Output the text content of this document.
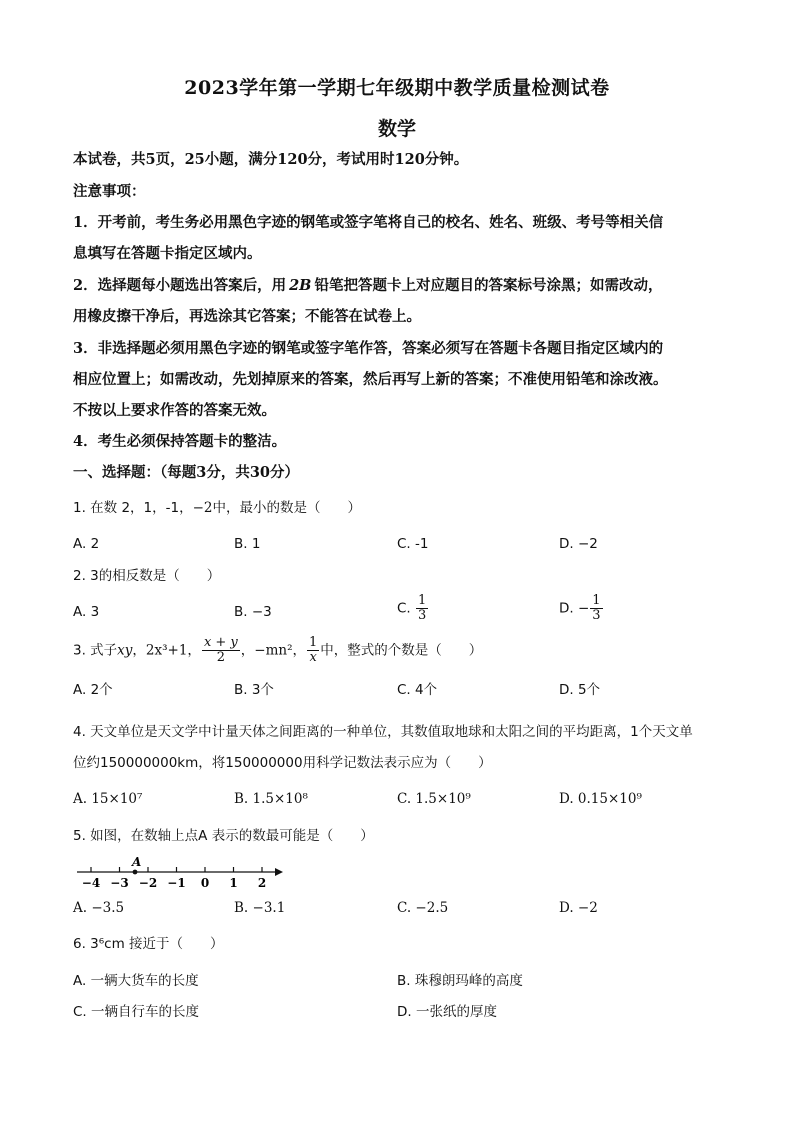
2023学年第一学期七年级期中教学质量检测试卷
数学
本试卷，共5页，25小题，满分120分，考试用时120分钟。
注意事项：
1．开考前，考生务必用黑色字迹的钢笔或签字笔将自己的校名、姓名、班级、考号等相关信
息填写在答题卡指定区域内。
2．选择题每小题选出答案后，用 2B 铅笔把答题卡上对应题目的答案标号涂黑；如需改动，
用橡皮擦干净后，再选涂其它答案；不能答在试卷上。
3．非选择题必须用黑色字迹的钢笔或签字笔作答，答案必须写在答题卡各题目指定区域内的
相应位置上；如需改动，先划掉原来的答案，然后再写上新的答案；不准使用铅笔和涂改液。
不按以上要求作答的答案无效。
4．考生必须保持答题卡的整洁。
一、选择题：（每题3分，共30分）
1. 在数 2，1，-1，−2中，最小的数是（　　）
A. 2	B. 1	C. -1	D. −2
2. 3的相反数是（　　）
A. 3	B. −3	C. $\frac{1}{3}$	D. − $\frac{1}{3}$
3. 式子xy，2x³+1， $\frac{x + y}{2}$ ，−mn²， $\frac{1}{x}$ 中，整式的个数是（　　）
A. 2个	B. 3个	C. 4个	D. 5个
4. 天文单位是天文学中计量天体之间距离的一种单位，其数值取地球和太阳之间的平均距离，1个天文单
位约150000000km，将150000000用科学记数法表示应为（　　）
A. 15×10⁷	B. 1.5×10⁸	C. 1.5×10⁹	D. 0.15×10⁹
5. 如图，在数轴上点A 表示的数最可能是（　　）
−4 −3 −2 −1 0 1 2
A
A. −3.5	B. −3.1	C. −2.5	D. −2
6. 3⁶cm 接近于（　　）
A. 一辆大货车的长度	B. 珠穆朗玛峰的高度
C. 一辆自行车的长度	D. 一张纸的厚度
